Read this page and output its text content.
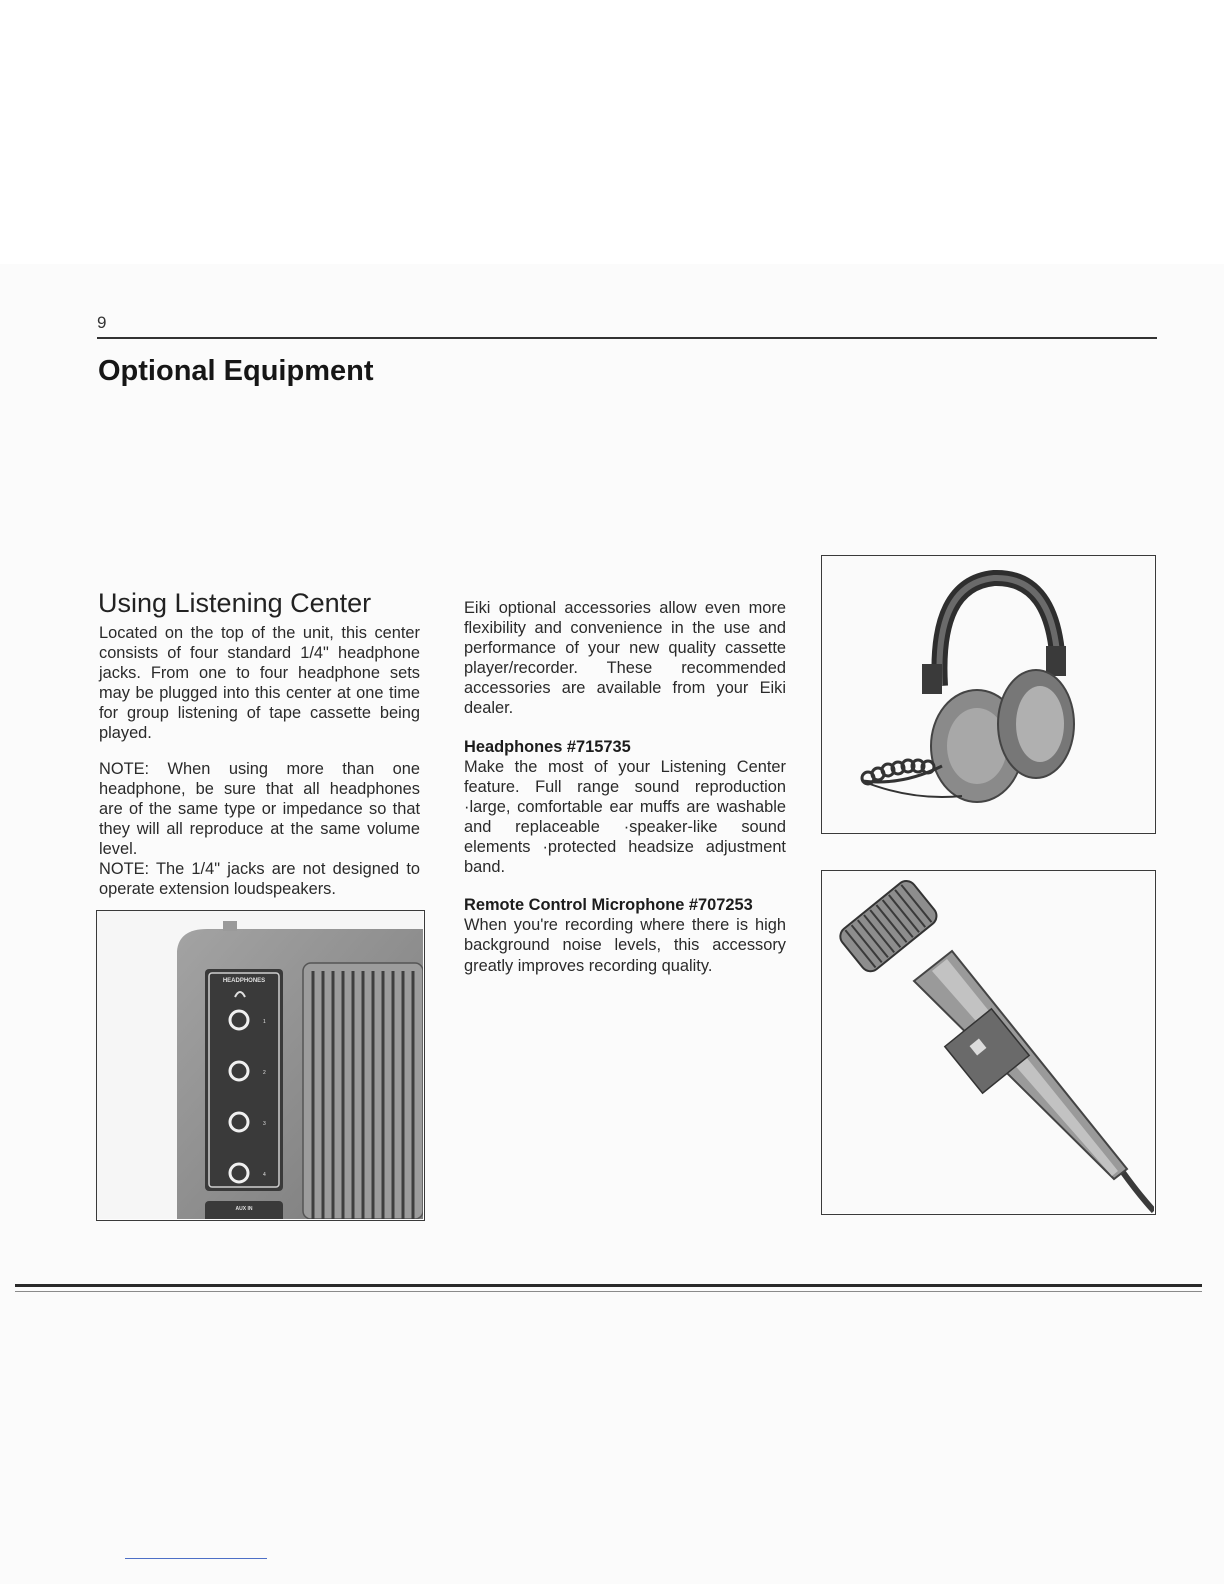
9
Optional Equipment
Using Listening Center

Located on the top of the unit, this center consists of four standard 1/4" headphone jacks. From one to four headphone sets may be plugged into this center at one time for group listening of tape cassette being played.

NOTE: When using more than one headphone, be sure that all headphones are of the same type or impedance so that they will all reproduce at the same volume level.

NOTE: The 1/4" jacks are not designed to operate extension loudspeakers.

Eiki optional accessories allow even more flexibility and convenience in the use and performance of your new quality cassette player/recorder. These recommended accessories are available from your Eiki dealer.

Headphones #715735

Make the most of your Listening Center feature. Full range sound reproduction ·large, comfortable ear muffs are washable and replaceable ·speaker-like sound elements ·protected headsize adjustment band.

Remote Control Microphone #707253

When you're recording where there is high background noise levels, this accessory greatly improves recording quality.

HEADPHONES
1
2
3
4
AUX IN
